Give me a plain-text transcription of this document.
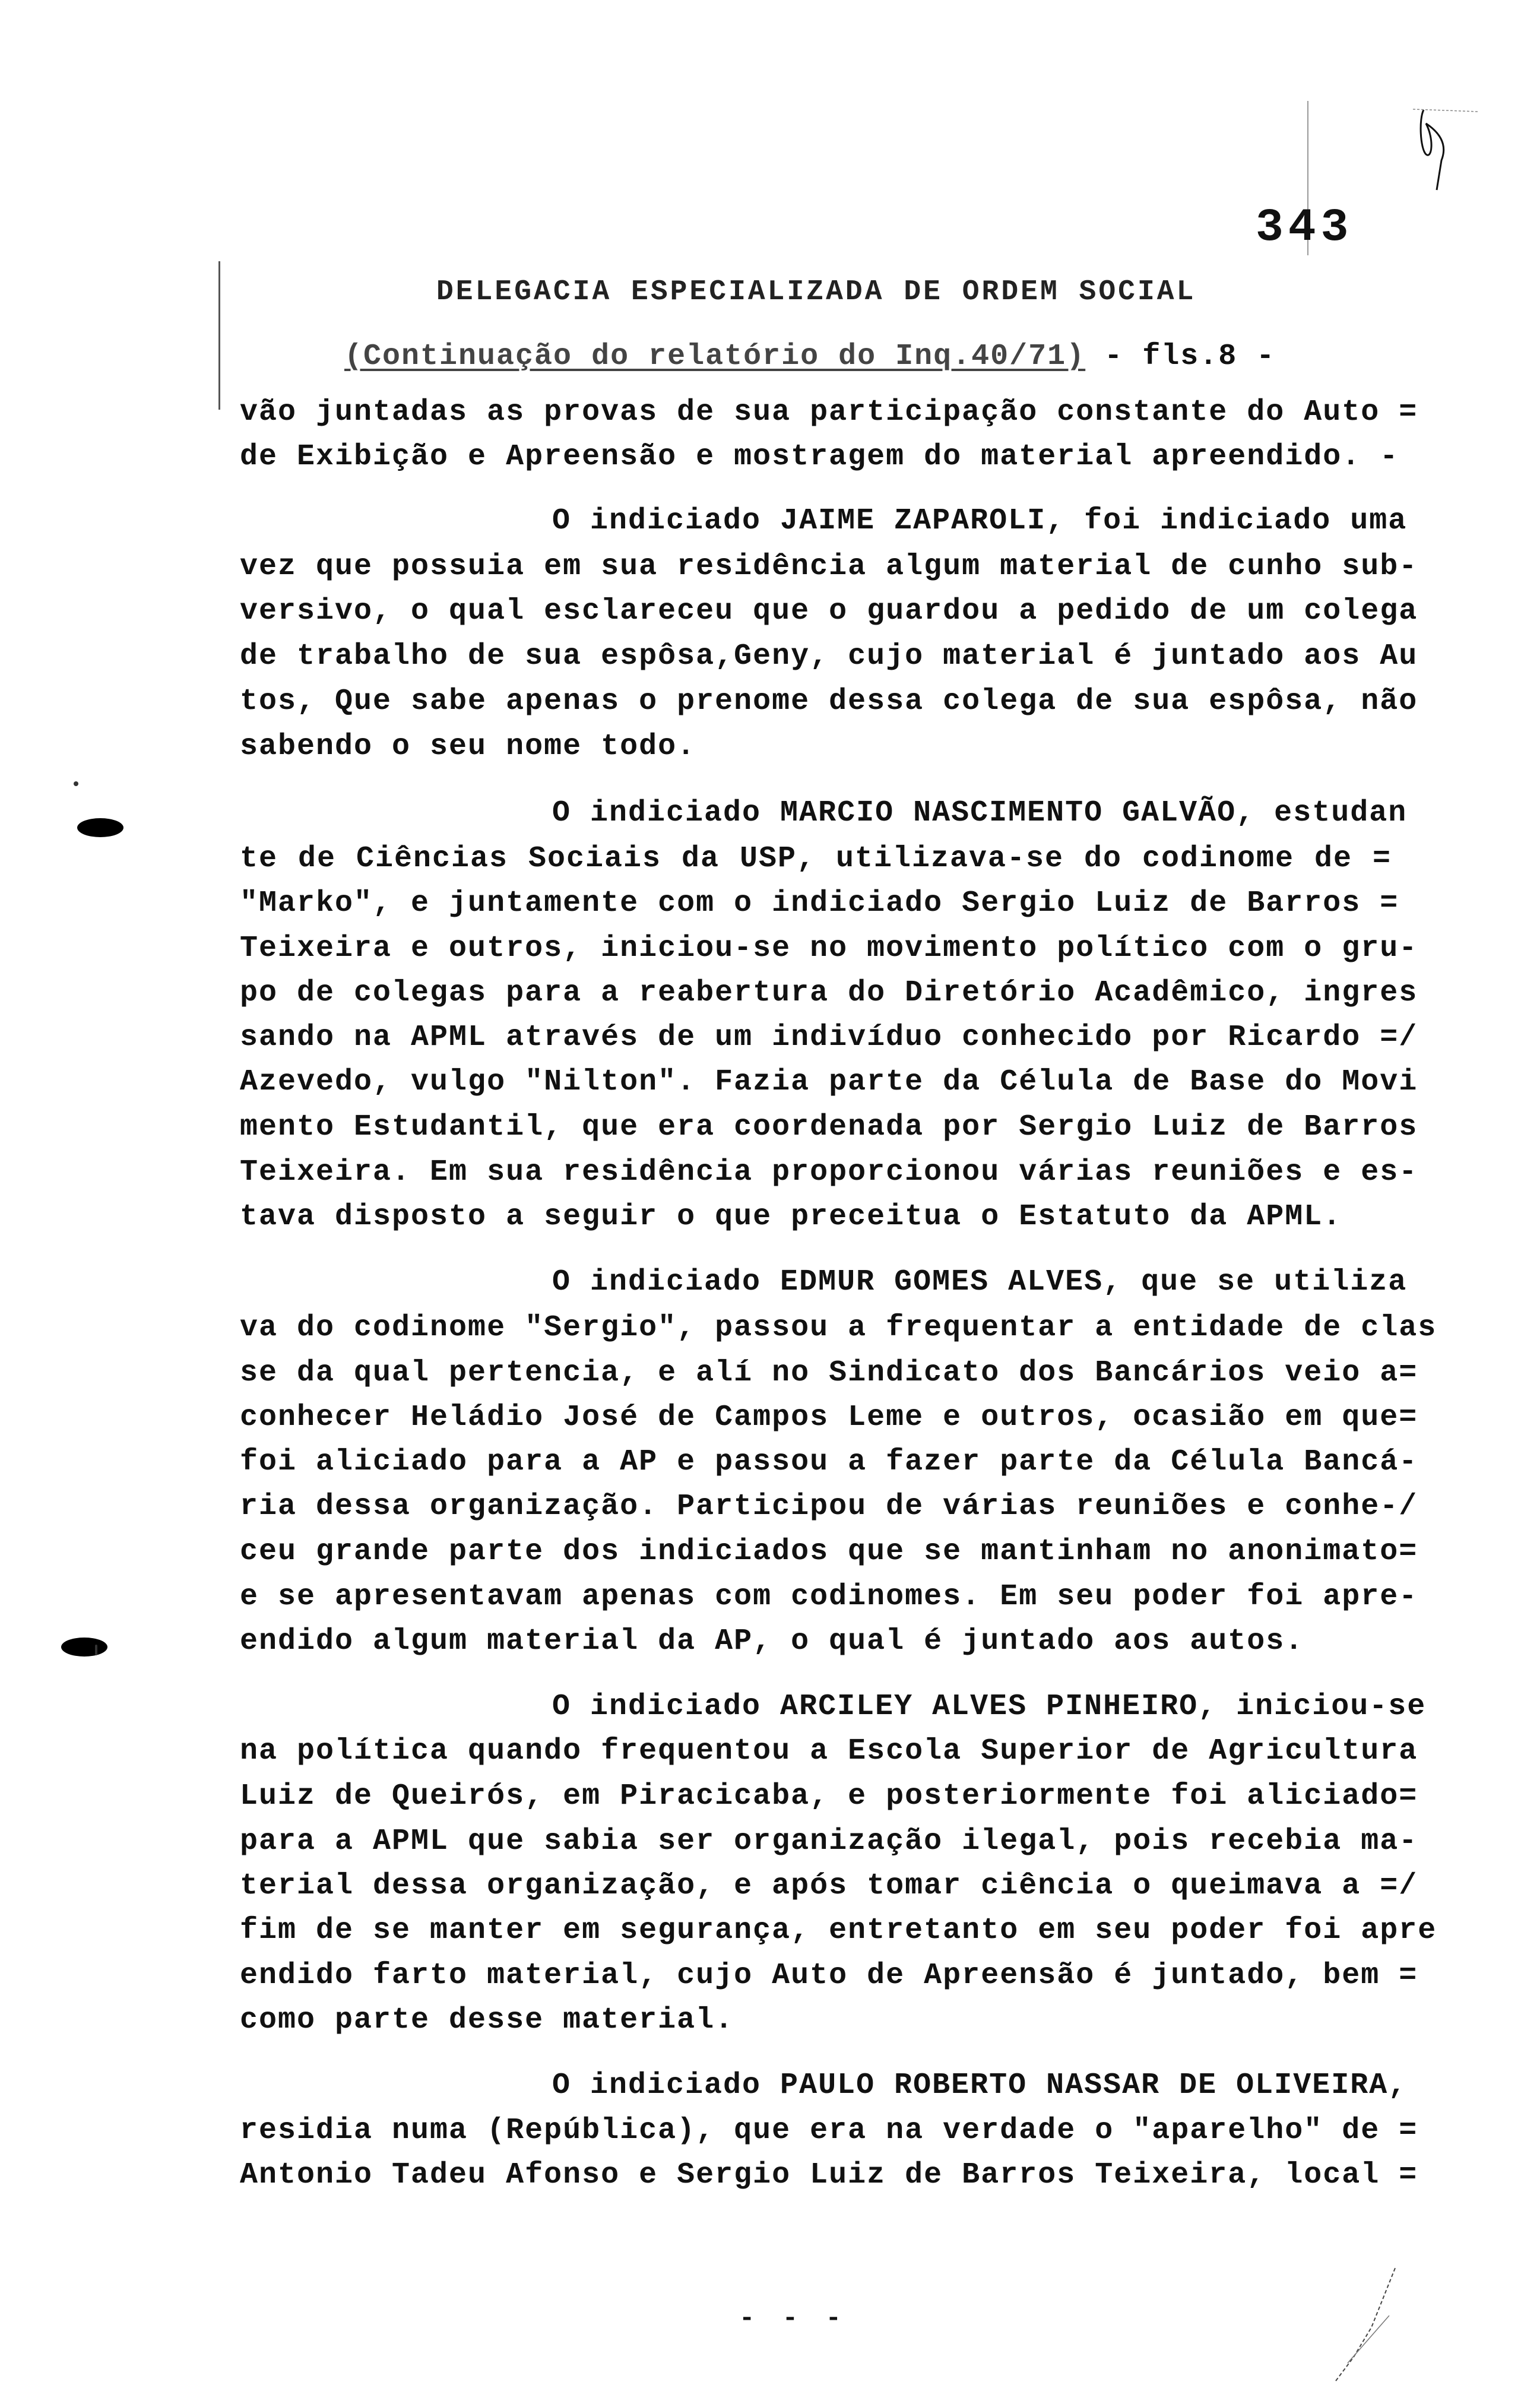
343
DELEGACIA ESPECIALIZADA DE ORDEM SOCIAL
(Continuação do relatório do Inq.40/71) - fls.8 -
vão juntadas as provas de sua participação constante do Auto =
de Exibição e Apreensão e mostragem do material apreendido. -
O indiciado JAIME ZAPAROLI, foi indiciado uma
vez que possuia em sua residência algum material de cunho sub-
versivo, o qual esclareceu que o guardou a pedido de um colega
de trabalho de sua espôsa,Geny, cujo material é juntado aos Au
tos, Que sabe apenas o prenome dessa colega de sua espôsa, não
sabendo o seu nome todo.
O indiciado MARCIO NASCIMENTO GALVÃO, estudan
te de Ciências Sociais da USP, utilizava-se do codinome de =
"Marko", e juntamente com o indiciado Sergio Luiz de Barros =
Teixeira e outros, iniciou-se no movimento político com o gru-
po de colegas para a reabertura do Diretório Acadêmico, ingres
sando na APML através de um indivíduo conhecido por Ricardo =/
Azevedo, vulgo "Nilton". Fazia parte da Célula de Base do Movi
mento Estudantil, que era coordenada por Sergio Luiz de Barros
Teixeira. Em sua residência proporcionou várias reuniões e es-
tava disposto a seguir o que preceitua o Estatuto da APML.
O indiciado EDMUR GOMES ALVES, que se utiliza
va do codinome "Sergio", passou a frequentar a entidade de clas
se da qual pertencia, e alí no Sindicato dos Bancários veio a=
conhecer Heládio José de Campos Leme e outros, ocasião em que=
foi aliciado para a AP e passou a fazer parte da Célula Bancá-
ria dessa organização. Participou de várias reuniões e conhe-/
ceu grande parte dos indiciados que se mantinham no anonimato=
e se apresentavam apenas com codinomes. Em seu poder foi apre-
endido algum material da AP, o qual é juntado aos autos.
O indiciado ARCILEY ALVES PINHEIRO, iniciou-se
na política quando frequentou a Escola Superior de Agricultura
Luiz de Queirós, em Piracicaba, e posteriormente foi aliciado=
para a APML que sabia ser organização ilegal, pois recebia ma-
terial dessa organização, e após tomar ciência o queimava a =/
fim de se manter em segurança, entretanto em seu poder foi apre
endido farto material, cujo Auto de Apreensão é juntado, bem =
como parte desse material.
O indiciado PAULO ROBERTO NASSAR DE OLIVEIRA,
residia numa (República), que era na verdade o "aparelho" de =
Antonio Tadeu Afonso e Sergio Luiz de Barros Teixeira, local =
- - -
